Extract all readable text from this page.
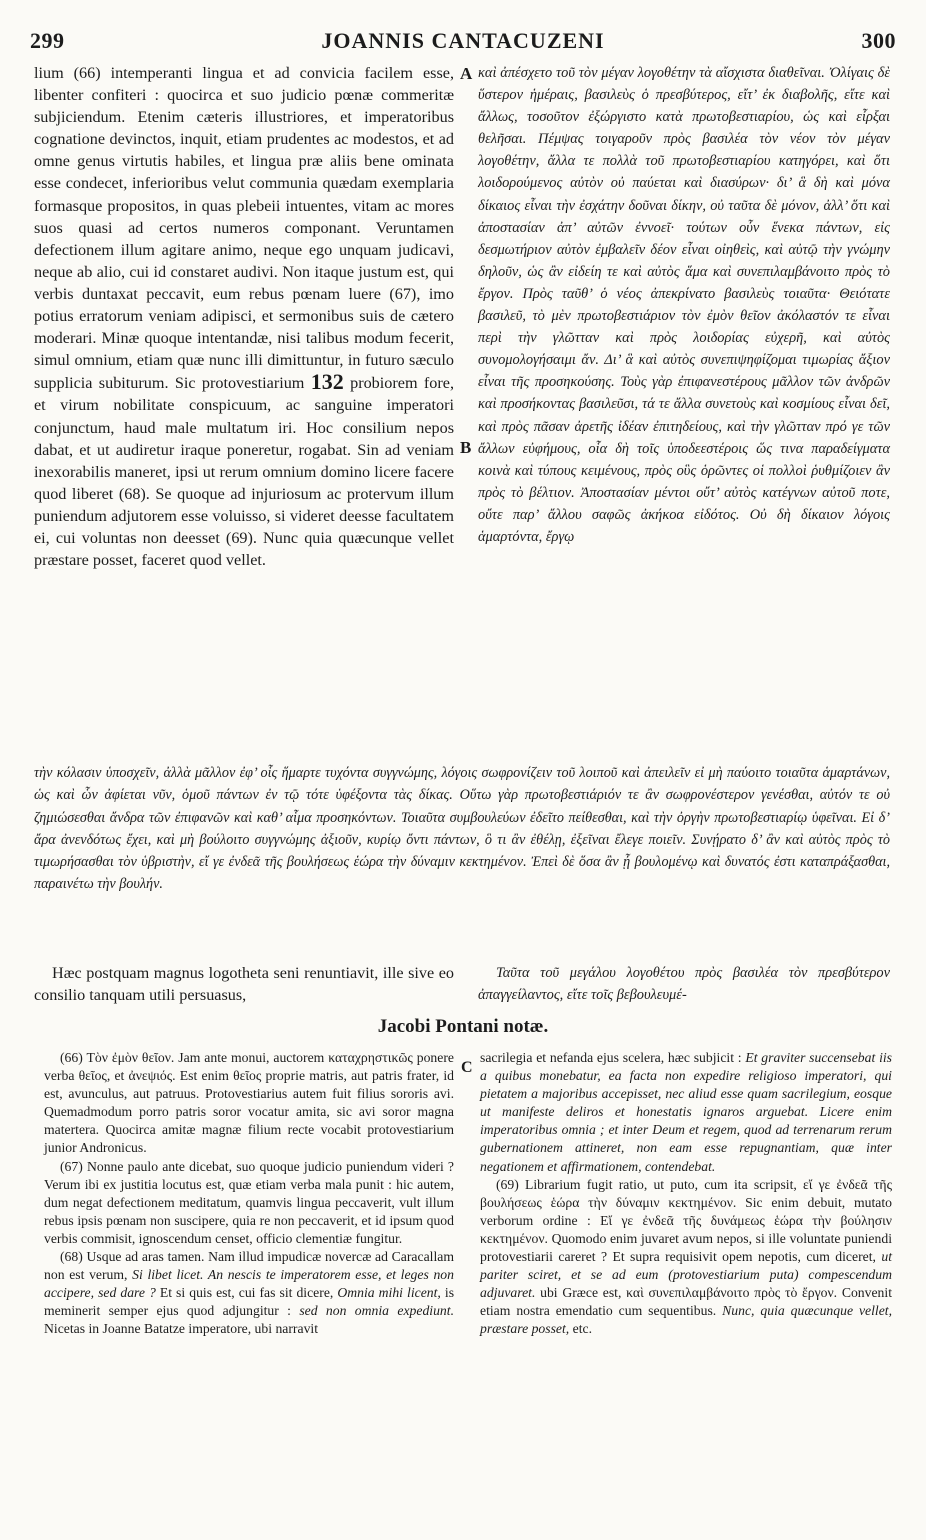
299	JOANNIS CANTACUZENI	300

lium (66) intemperanti lingua et ad convicia facilem esse, libenter confiteri : quocirca et suo judicio pœnæ commeritæ subjiciendum. Etenim cæteris illustriores, et imperatoribus cognatione devinctos, inquit, etiam prudentes ac modestos, et ad omne genus virtutis habiles, et lingua præ aliis bene ominata esse condecet, inferioribus velut communia quædam exemplaria formasque propositos, in quas plebeii intuentes, vitam ac mores suos quasi ad certos numeros componant. Veruntamen defectionem illum agitare animo, neque ego unquam judicavi, neque ab alio, cui id constaret audivi. Non itaque justum est, qui verbis duntaxat peccavit, eum rebus pœnam luere (67), imo potius erratorum veniam adipisci, et sermonibus suis de cætero moderari. Minæ quoque intentandæ, nisi talibus modum fecerit, simul omnium, etiam quæ nunc illi dimittuntur, in futuro sæculo supplicia subiturum. Sic protovestiarium 132 probiorem fore, et virum nobilitate conspicuum, ac sanguine imperatori conjunctum, haud male multatum iri. Hoc consilium nepos dabat, et ut audiretur iraque poneretur, rogabat. Sin ad veniam inexorabilis maneret, ipsi ut rerum omnium domino licere facere quod liberet (68). Se quoque ad injuriosum ac protervum illum puniendum adjutorem esse voluisso, si videret deesse facultatem ei, cui voluntas non deesset (69). Nunc quia quæcunque vellet præstare posset, faceret quod vellet.

A
B

καὶ ἀπέσχετο τοῦ τὸν μέγαν λογοθέτην τὰ αἴσχιστα διαθεῖναι. Ὀλίγαις δὲ ὕστερον ἡμέραις, βασιλεὺς ὁ πρεσβύτερος, εἴτ’ ἐκ διαβολῆς, εἴτε καὶ ἄλλως, τοσοῦτον ἐξώργιστο κατὰ πρωτοβεστιαρίου, ὡς καὶ εἶρξαι θελῆσαι. Πέμψας τοιγαροῦν πρὸς βασιλέα τὸν νέον τὸν μέγαν λογοθέτην, ἄλλα τε πολλὰ τοῦ πρωτοβεστιαρίου κατηγόρει, καὶ ὅτι λοιδορούμενος αὐτὸν οὐ παύεται καὶ διασύρων· δι’ ἃ δὴ καὶ μόνα δίκαιος εἶναι τὴν ἐσχάτην δοῦναι δίκην, οὐ ταῦτα δὲ μόνον, ἀλλ’ ὅτι καὶ ἀποστασίαν ἀπ’ αὐτῶν ἐννοεῖ· τούτων οὖν ἕνεκα πάντων, εἰς δεσμωτήριον αὐτὸν ἐμβαλεῖν δέον εἶναι οἰηθεὶς, καὶ αὐτῷ τὴν γνώμην δηλοῦν, ὡς ἂν εἰδείη τε καὶ αὐτὸς ἅμα καὶ συνεπιλαμβάνοιτο πρὸς τὸ ἔργον. Πρὸς ταῦθ’ ὁ νέος ἀπεκρίνατο βασιλεὺς τοιαῦτα· Θειότατε βασιλεῦ, τὸ μὲν πρωτοβεστιάριον τὸν ἐμὸν θεῖον ἀκόλαστόν τε εἶναι περὶ τὴν γλῶτταν καὶ πρὸς λοιδορίας εὐχερῆ, καὶ αὐτὸς συνομολογήσαιμι ἄν. Δι’ ἃ καὶ αὐτὸς συνεπιψηφίζομαι τιμωρίας ἄξιον εἶναι τῆς προσηκούσης. Τοὺς γὰρ ἐπιφανεστέρους μᾶλλον τῶν ἀνδρῶν καὶ προσήκοντας βασιλεῦσι, τά τε ἄλλα συνετοὺς καὶ κοσμίους εἶναι δεῖ, καὶ πρὸς πᾶσαν ἀρετῆς ἰδέαν ἐπιτηδείους, καὶ τὴν γλῶτταν πρό γε τῶν ἄλλων εὐφήμους, οἷα δὴ τοῖς ὑποδεεστέροις ὥς τινα παραδείγματα κοινὰ καὶ τύπους κειμένους, πρὸς οὓς ὁρῶντες οἱ πολλοὶ ῥυθμίζοιεν ἂν πρὸς τὸ βέλτιον. Ἀποστασίαν μέντοι οὔτ’ αὐτὸς κατέγνων αὐτοῦ ποτε, οὔτε παρ’ ἄλλου σαφῶς ἀκήκοα εἰδότος. Οὐ δὴ δίκαιον λόγοις ἁμαρτόντα, ἔργῳ

τὴν κόλασιν ὑποσχεῖν, ἀλλὰ μᾶλλον ἐφ’ οἷς ἥμαρτε τυχόντα συγγνώμης, λόγοις σωφρονίζειν τοῦ λοιποῦ καὶ ἀπειλεῖν εἰ μὴ παύοιτο τοιαῦτα ἁμαρτάνων, ὡς καὶ ὧν ἀφίεται νῦν, ὁμοῦ πάντων ἐν τῷ τότε ὑφέξοντα τὰς δίκας. Οὕτω γὰρ πρωτοβεστιάριόν τε ἂν σωφρονέστερον γενέσθαι, αὐτόν τε οὐ ζημιώσεσθαι ἄνδρα τῶν ἐπιφανῶν καὶ καθ’ αἷμα προσηκόντων. Τοιαῦτα συμβουλεύων ἐδεῖτο πείθεσθαι, καὶ τὴν ὀργὴν πρωτοβεστιαρίῳ ὑφεῖναι. Εἰ δ’ ἄρα ἀνενδότως ἔχει, καὶ μὴ βούλοιτο συγγνώμης ἀξιοῦν, κυρίῳ ὄντι πάντων, ὃ τι ἂν ἐθέλῃ, ἐξεῖναι ἔλεγε ποιεῖν. Συνῄρατο δ’ ἂν καὶ αὐτὸς πρὸς τὸ τιμωρήσασθαι τὸν ὑβριστὴν, εἴ γε ἐνδεᾶ τῆς βουλήσεως ἑώρα τὴν δύναμιν κεκτημένον. Ἐπεὶ δὲ ὅσα ἂν ᾖ βουλομένῳ καὶ δυνατός ἐστι καταπράξασθαι, παραινέτω τὴν βουλήν.

Hæc postquam magnus logotheta seni renuntiavit, ille sive eo consilio tanquam utili persuasus,

Ταῦτα τοῦ μεγάλου λογοθέτου πρὸς βασιλέα τὸν πρεσβύτερον ἀπαγγείλαντος, εἴτε τοῖς βεβουλευμέ-

Jacobi Pontani notæ.
C

(66) Τὸν ἐμὸν θεῖον. Jam ante monui, auctorem καταχρηστικῶς ponere verba θεῖος, et ἀνεψιός. Est enim θεῖος proprie matris, aut patris frater, id est, avunculus, aut patruus. Protovestiarius autem fuit filius sororis avi. Quemadmodum porro patris soror vocatur amita, sic avi soror magna matertera. Quocirca amitæ magnæ filium recte vocabit protovestiarium junior Andronicus.

(67) Nonne paulo ante dicebat, suo quoque judicio puniendum videri ? Verum ibi ex justitia locutus est, quæ etiam verba mala punit : hic autem, dum negat defectionem meditatum, quamvis lingua peccaverit, vult illum rebus ipsis pœnam non suscipere, quia re non peccaverit, et id ipsum quod verbis commisit, ignoscendum censet, officio clementiæ fungitur.

(68) Usque ad aras tamen. Nam illud impudicæ novercæ ad Caracallam non est verum, Si libet licet. An nescis te imperatorem esse, et leges non accipere, sed dare ? Et si quis est, cui fas sit dicere, Omnia mihi licent, is meminerit semper ejus quod adjungitur : sed non omnia expediunt. Nicetas in Joanne Batatze imperatore, ubi narravit

sacrilegia et nefanda ejus scelera, hæc subjicit : Et graviter succensebat iis a quibus monebatur, ea facta non expedire religioso imperatori, qui pietatem a majoribus accepisset, nec aliud esse quam sacrilegium, eosque ut manifeste deliros et honestatis ignaros arguebat. Licere enim imperatoribus omnia ; et inter Deum et regem, quod ad terrenarum rerum gubernationem attineret, non eam esse repugnantiam, quæ inter negationem et affirmationem, contendebat.

(69) Librarium fugit ratio, ut puto, cum ita scripsit, εἴ γε ἐνδεᾶ τῆς βουλήσεως ἑώρα τὴν δύναμιν κεκτημένον. Sic enim debuit, mutato verborum ordine : Εἴ γε ἐνδεᾶ τῆς δυνάμεως ἑώρα τὴν βούλησιν κεκτημένον. Quomodo enim juvaret avum nepos, si ille voluntate puniendi protovestiarii careret ? Et supra requisivit opem nepotis, cum diceret, ut pariter sciret, et se ad eum (protovestiarium puta) compescendum adjuvaret. ubi Græce est, καὶ συνεπιλαμβάνοιτο πρὸς τὸ ἔργον. Convenit etiam nostra emendatio cum sequentibus. Nunc, quia quæcunque vellet, præstare posset, etc.
